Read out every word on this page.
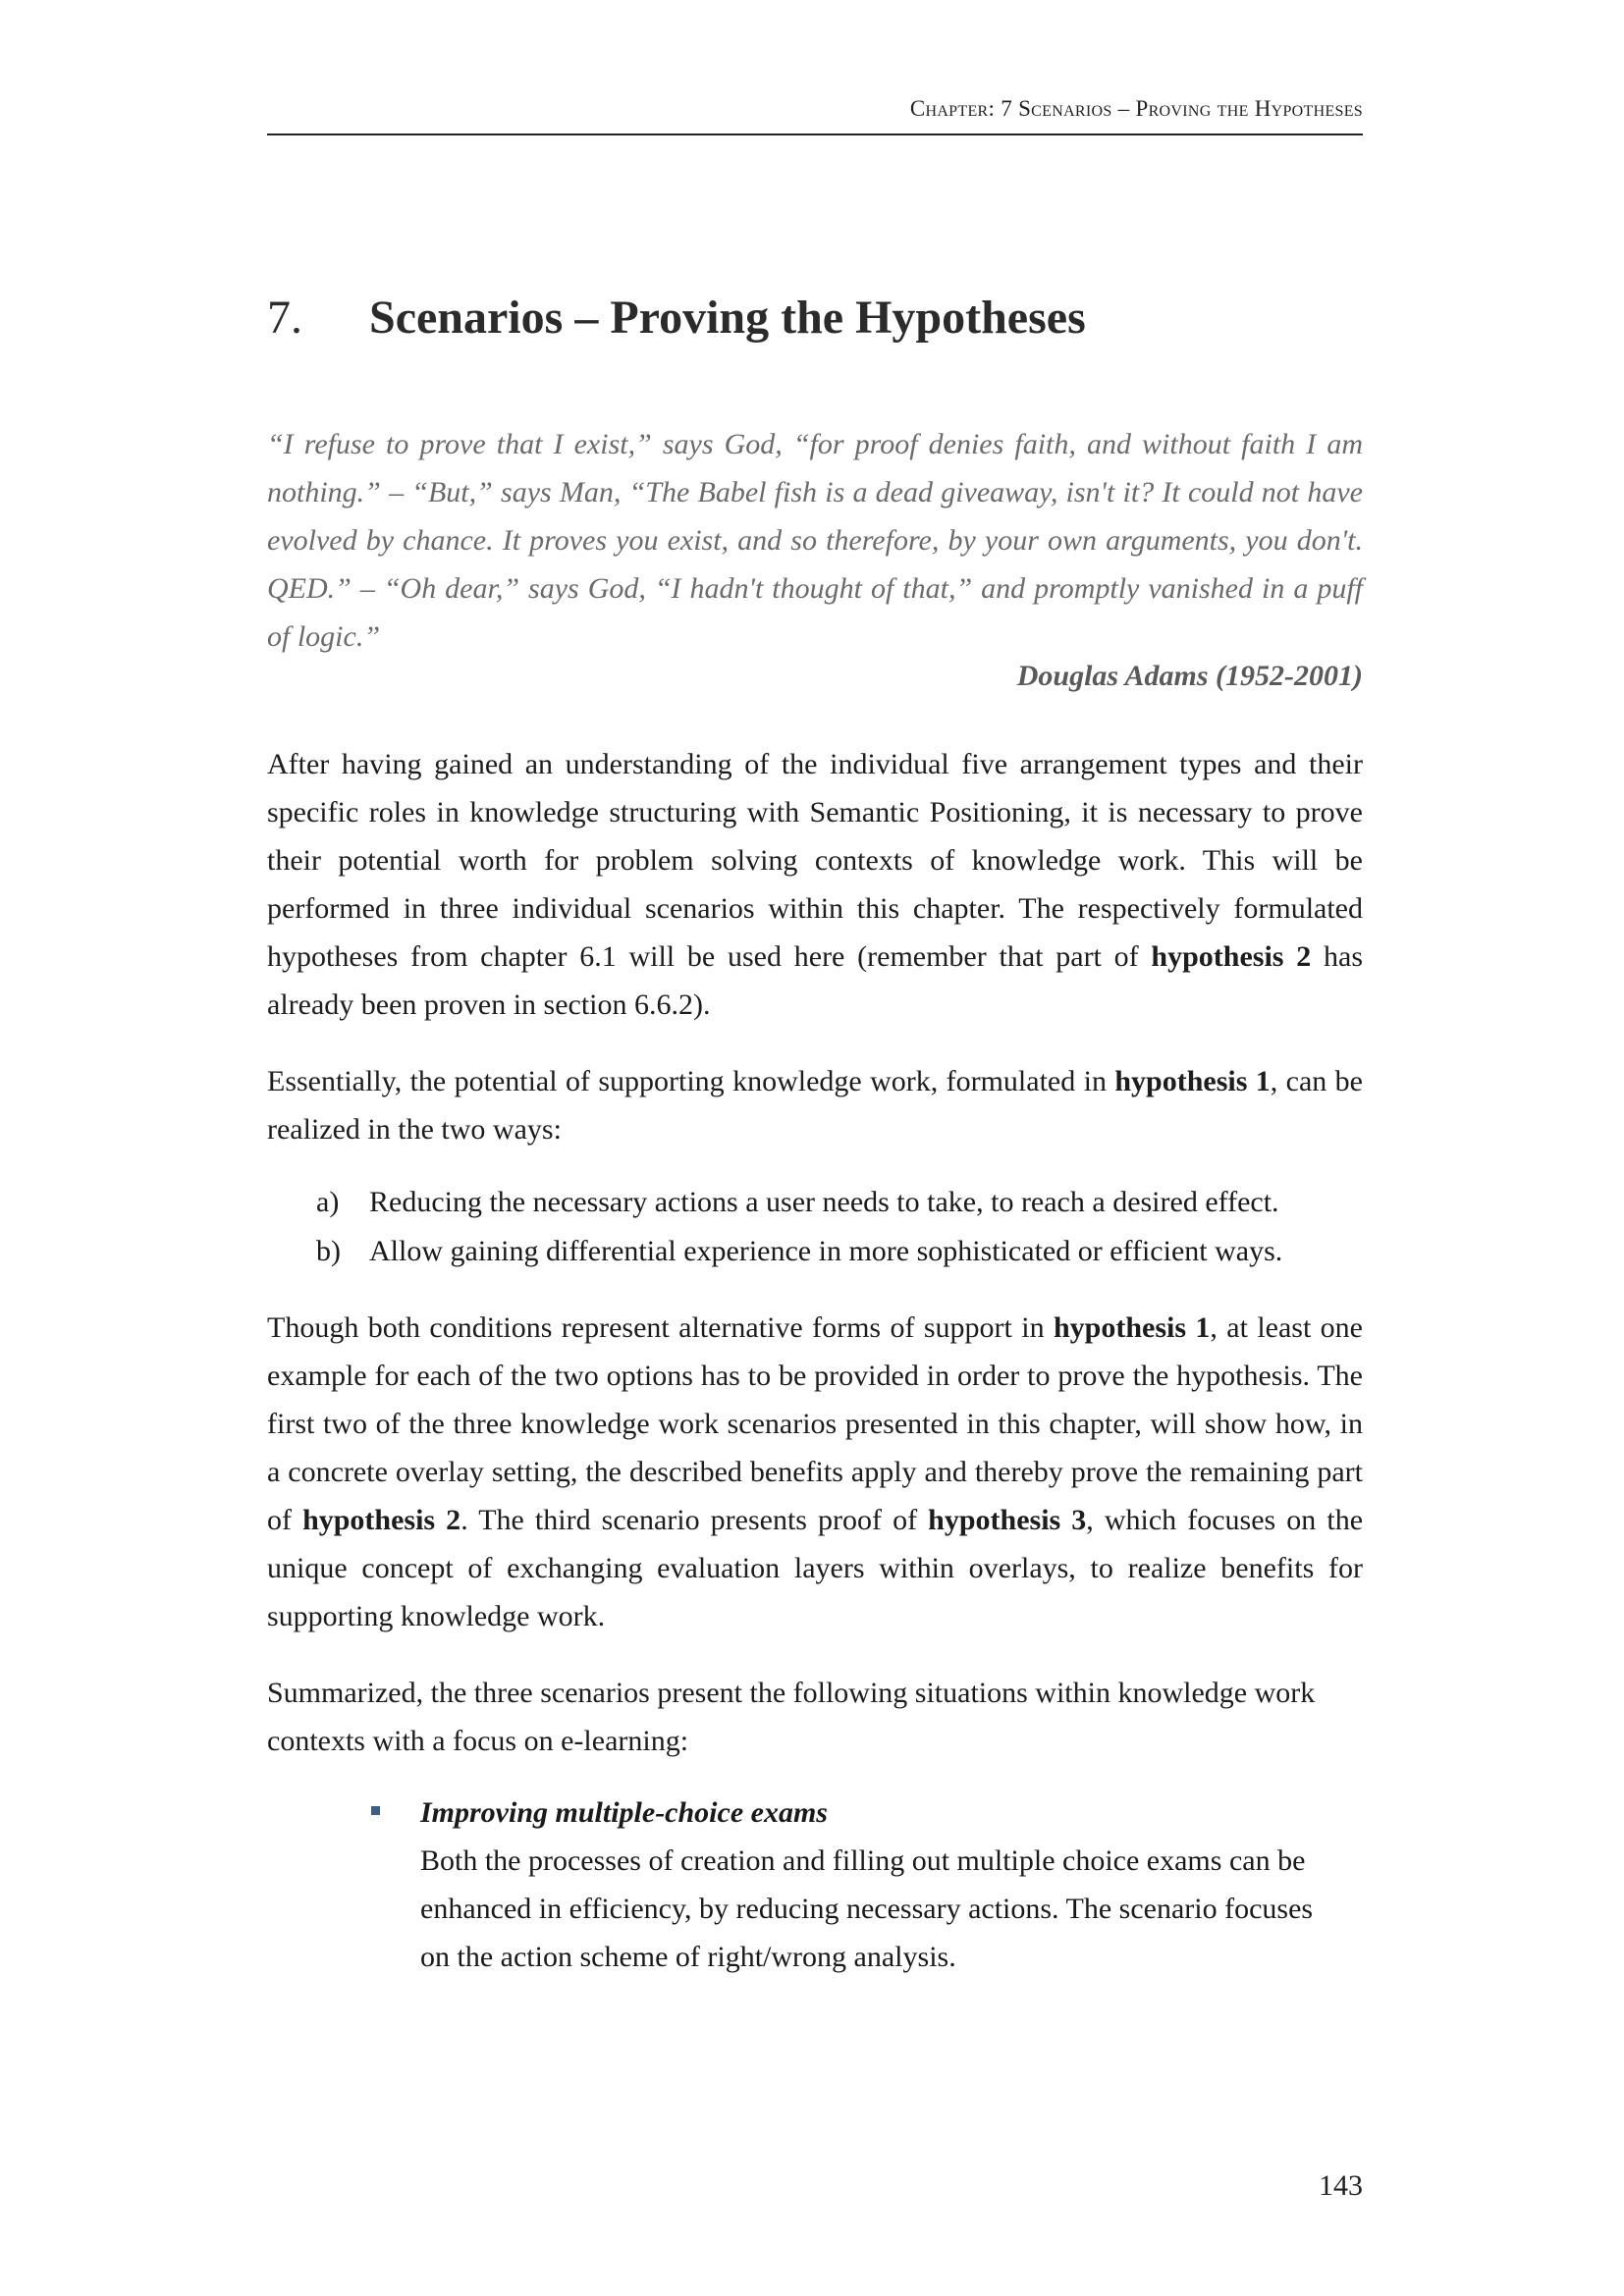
Chapter: 7 Scenarios – Proving the Hypotheses
7. Scenarios – Proving the Hypotheses
“I refuse to prove that I exist,” says God, “for proof denies faith, and without faith I am nothing.” – “But,” says Man, “The Babel fish is a dead giveaway, isn't it? It could not have evolved by chance. It proves you exist, and so therefore, by your own arguments, you don't. QED.” – “Oh dear,” says God, “I hadn't thought of that,” and promptly vanished in a puff of logic.”
Douglas Adams (1952-2001)
After having gained an understanding of the individual five arrangement types and their specific roles in knowledge structuring with Semantic Positioning, it is necessary to prove their potential worth for problem solving contexts of knowledge work. This will be performed in three individual scenarios within this chapter. The respectively formulated hypotheses from chapter 6.1 will be used here (remember that part of hypothesis 2 has already been proven in section 6.6.2).
Essentially, the potential of supporting knowledge work, formulated in hypothesis 1, can be realized in the two ways:
a)	Reducing the necessary actions a user needs to take, to reach a desired effect.
b) Allow gaining differential experience in more sophisticated or efficient ways.
Though both conditions represent alternative forms of support in hypothesis 1, at least one example for each of the two options has to be provided in order to prove the hypothesis. The first two of the three knowledge work scenarios presented in this chapter, will show how, in a concrete overlay setting, the described benefits apply and thereby prove the remaining part of hypothesis 2. The third scenario presents proof of hypothesis 3, which focuses on the unique concept of exchanging evaluation layers within overlays, to realize benefits for supporting knowledge work.
Summarized, the three scenarios present the following situations within knowledge work contexts with a focus on e-learning:
Improving multiple-choice exams
Both the processes of creation and filling out multiple choice exams can be enhanced in efficiency, by reducing necessary actions. The scenario focuses on the action scheme of right/wrong analysis.
143
